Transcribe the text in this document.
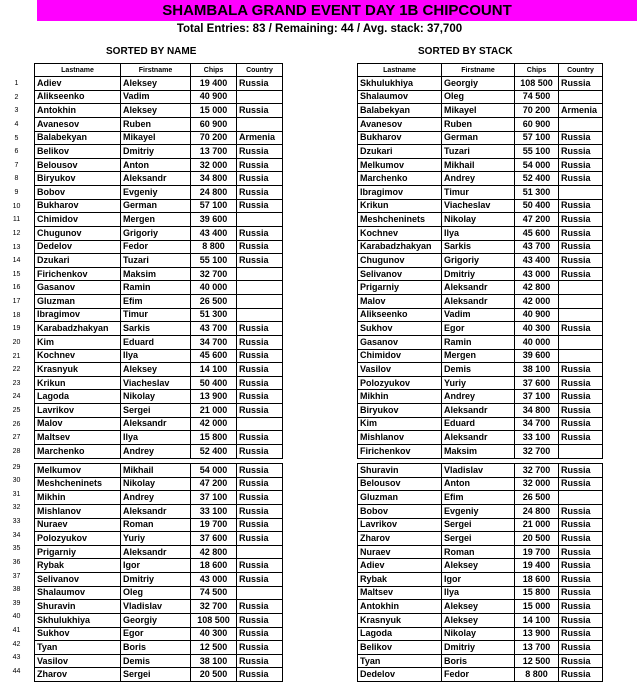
SHAMBALA GRAND EVENT DAY 1B CHIPCOUNT
Total Entries: 83 / Remaining: 44 / Avg. stack: 37,700
SORTED BY NAME	SORTED BY STACK
1
2
3
4
5
6
7
8
9
10
11
12
13
14
15
16
17
18
19
20
21
22
23
24
25
26
27
28
29
30
31
32
33
34
35
36
37
38
39
40
41
42
43
44
Lastname	Firstname	Chips	Country
Adiev	Aleksey	19 400	Russia
Alikseenko	Vadim	40 900	
Antokhin	Aleksey	15 000	Russia
Avanesov	Ruben	60 900	
Balabekyan	Mikayel	70 200	Armenia
Belikov	Dmitriy	13 700	Russia
Belousov	Anton	32 000	Russia
Biryukov	Aleksandr	34 800	Russia
Bobov	Evgeniy	24 800	Russia
Bukharov	German	57 100	Russia
Chimidov	Mergen	39 600	
Chugunov	Grigoriy	43 400	Russia
Dedelov	Fedor	8 800	Russia
Dzukari	Tuzari	55 100	Russia
Firichenkov	Maksim	32 700	
Gasanov	Ramin	40 000	
Gluzman	Efim	26 500	
Ibragimov	Timur	51 300	
Karabadzhakyan	Sarkis	43 700	Russia
Kim	Eduard	34 700	Russia
Kochnev	Ilya	45 600	Russia
Krasnyuk	Aleksey	14 100	Russia
Krikun	Viacheslav	50 400	Russia
Lagoda	Nikolay	13 900	Russia
Lavrikov	Sergei	21 000	Russia
Malov	Aleksandr	42 000	
Maltsev	Ilya	15 800	Russia
Marchenko	Andrey	52 400	Russia
Melkumov	Mikhail	54 000	Russia
Meshcheninets	Nikolay	47 200	Russia
Mikhin	Andrey	37 100	Russia
Mishlanov	Aleksandr	33 100	Russia
Nuraev	Roman	19 700	Russia
Polozyukov	Yuriy	37 600	Russia
Prigarniy	Aleksandr	42 800	
Rybak	Igor	18 600	Russia
Selivanov	Dmitriy	43 000	Russia
Shalaumov	Oleg	74 500	
Shuravin	Vladislav	32 700	Russia
Skhulukhiya	Georgiy	108 500	Russia
Sukhov	Egor	40 300	Russia
Tyan	Boris	12 500	Russia
Vasilov	Demis	38 100	Russia
Zharov	Sergei	20 500	Russia
Lastname	Firstname	Chips	Country
Skhulukhiya	Georgiy	108 500	Russia
Shalaumov	Oleg	74 500	
Balabekyan	Mikayel	70 200	Armenia
Avanesov	Ruben	60 900	
Bukharov	German	57 100	Russia
Dzukari	Tuzari	55 100	Russia
Melkumov	Mikhail	54 000	Russia
Marchenko	Andrey	52 400	Russia
Ibragimov	Timur	51 300	
Krikun	Viacheslav	50 400	Russia
Meshcheninets	Nikolay	47 200	Russia
Kochnev	Ilya	45 600	Russia
Karabadzhakyan	Sarkis	43 700	Russia
Chugunov	Grigoriy	43 400	Russia
Selivanov	Dmitriy	43 000	Russia
Prigarniy	Aleksandr	42 800	
Malov	Aleksandr	42 000	
Alikseenko	Vadim	40 900	
Sukhov	Egor	40 300	Russia
Gasanov	Ramin	40 000	
Chimidov	Mergen	39 600	
Vasilov	Demis	38 100	Russia
Polozyukov	Yuriy	37 600	Russia
Mikhin	Andrey	37 100	Russia
Biryukov	Aleksandr	34 800	Russia
Kim	Eduard	34 700	Russia
Mishlanov	Aleksandr	33 100	Russia
Firichenkov	Maksim	32 700	
Shuravin	Vladislav	32 700	Russia
Belousov	Anton	32 000	Russia
Gluzman	Efim	26 500	
Bobov	Evgeniy	24 800	Russia
Lavrikov	Sergei	21 000	Russia
Zharov	Sergei	20 500	Russia
Nuraev	Roman	19 700	Russia
Adiev	Aleksey	19 400	Russia
Rybak	Igor	18 600	Russia
Maltsev	Ilya	15 800	Russia
Antokhin	Aleksey	15 000	Russia
Krasnyuk	Aleksey	14 100	Russia
Lagoda	Nikolay	13 900	Russia
Belikov	Dmitriy	13 700	Russia
Tyan	Boris	12 500	Russia
Dedelov	Fedor	8 800	Russia
